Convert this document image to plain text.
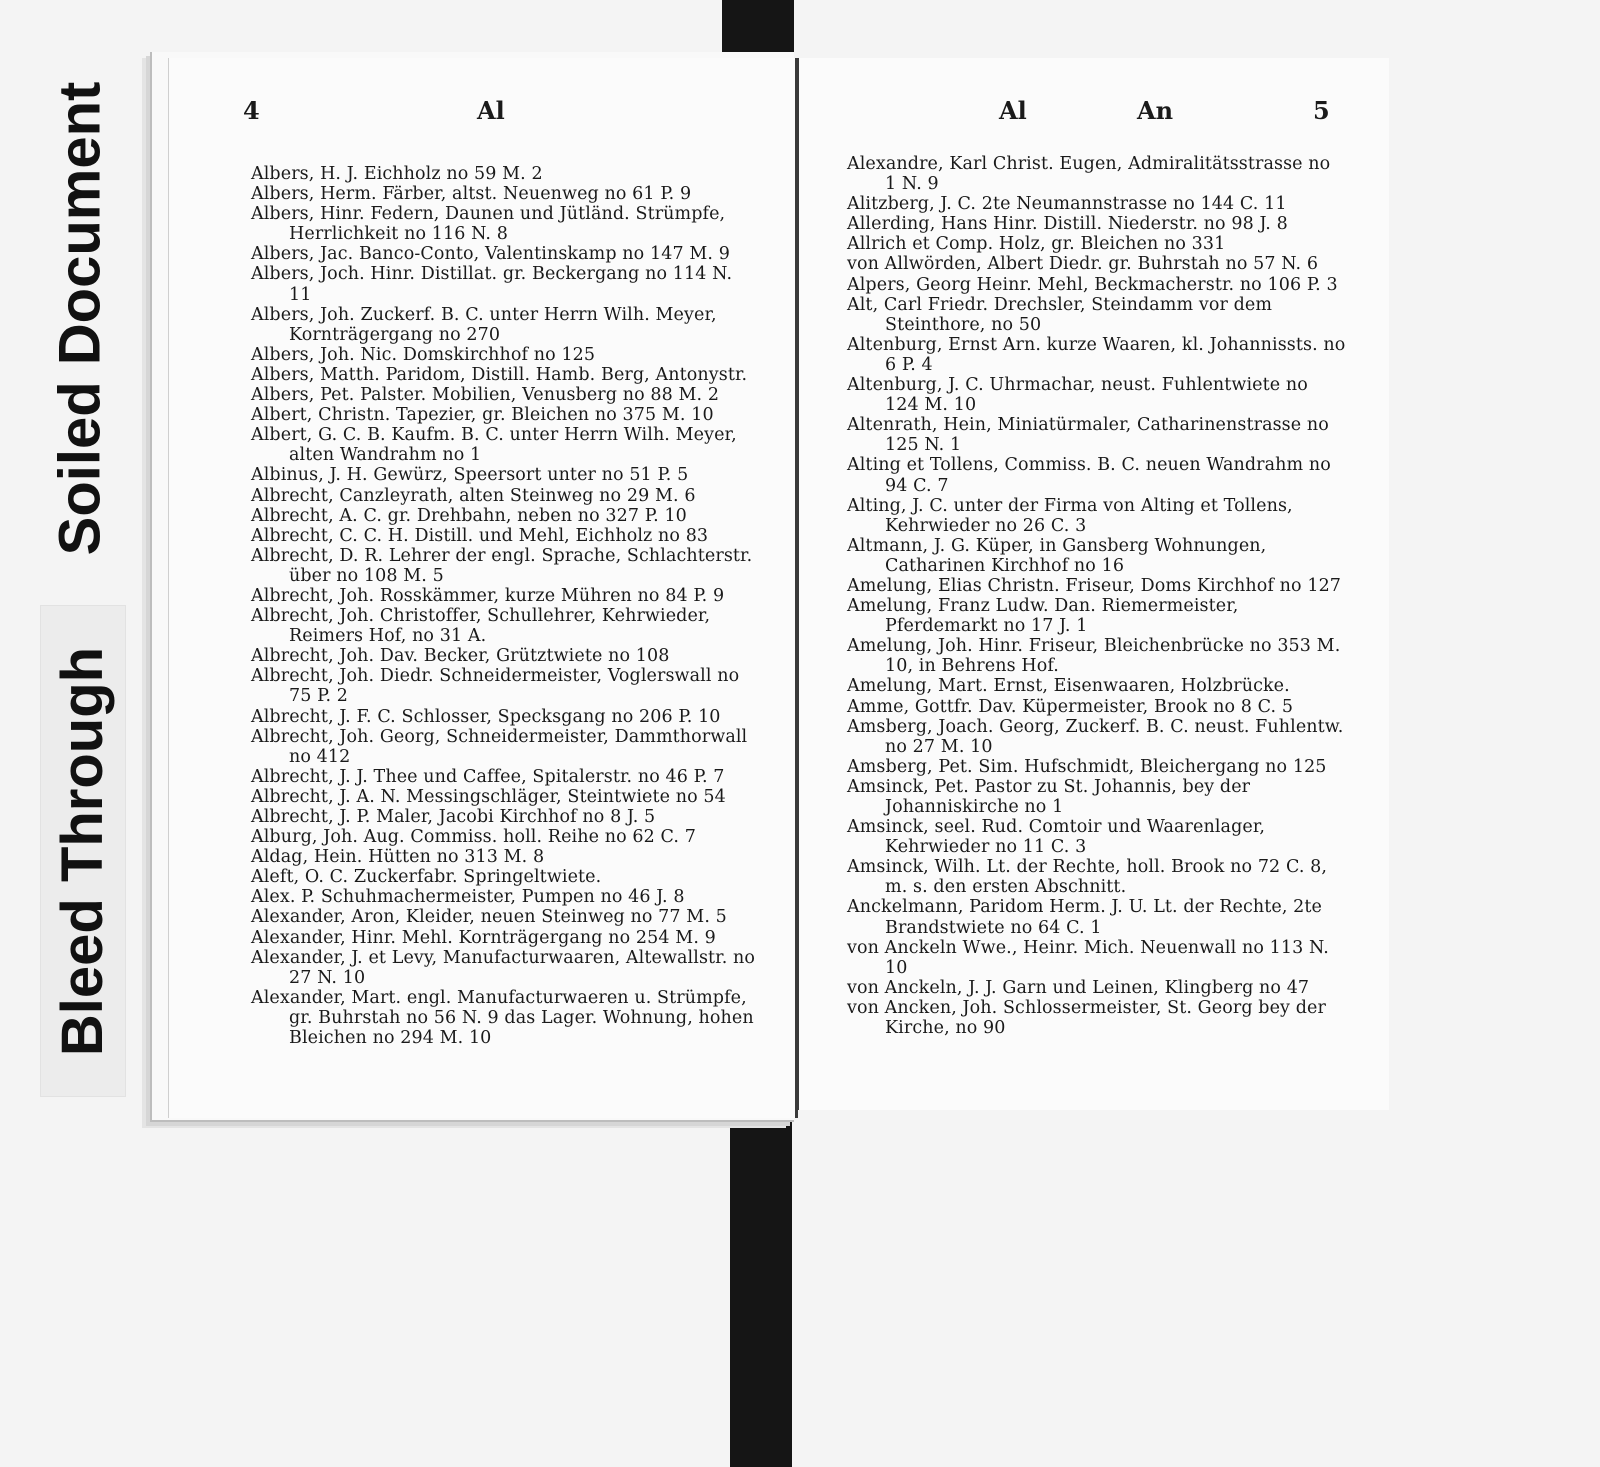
Soiled Document
Bleed Through
4	Al

Albers, H. J. Eichholz no 59 M. 2

Albers, Herm. Färber, altst. Neuenweg no 61 P. 9

Albers, Hinr. Federn, Daunen und Jütländ. Strümpfe, Herrlichkeit no 116 N. 8

Albers, Jac. Banco-Conto, Valentinskamp no 147 M. 9

Albers, Joch. Hinr. Distillat. gr. Beckergang no 114 N. 11

Albers, Joh. Zuckerf. B. C. unter Herrn Wilh. Meyer, Kornträgergang no 270

Albers, Joh. Nic. Domskirchhof no 125

Albers, Matth. Paridom, Distill. Hamb. Berg, Antonystr.

Albers, Pet. Palster. Mobilien, Venusberg no 88 M. 2

Albert, Christn. Tapezier, gr. Bleichen no 375 M. 10

Albert, G. C. B. Kaufm. B. C. unter Herrn Wilh. Meyer, alten Wandrahm no 1

Albinus, J. H. Gewürz, Speersort unter no 51 P. 5

Albrecht, Canzleyrath, alten Steinweg no 29 M. 6

Albrecht, A. C. gr. Drehbahn, neben no 327 P. 10

Albrecht, C. C. H. Distill. und Mehl, Eichholz no 83

Albrecht, D. R. Lehrer der engl. Sprache, Schlachterstr. über no 108 M. 5

Albrecht, Joh. Rosskämmer, kurze Mühren no 84 P. 9

Albrecht, Joh. Christoffer, Schullehrer, Kehrwieder, Reimers Hof, no 31 A.

Albrecht, Joh. Dav. Becker, Grütztwiete no 108

Albrecht, Joh. Diedr. Schneidermeister, Voglerswall no 75 P. 2

Albrecht, J. F. C. Schlosser, Specksgang no 206 P. 10

Albrecht, Joh. Georg, Schneidermeister, Dammthorwall no 412

Albrecht, J. J. Thee und Caffee, Spitalerstr. no 46 P. 7

Albrecht, J. A. N. Messingschläger, Steintwiete no 54

Albrecht, J. P. Maler, Jacobi Kirchhof no 8 J. 5

Alburg, Joh. Aug. Commiss. holl. Reihe no 62 C. 7

Aldag, Hein. Hütten no 313 M. 8

Aleft, O. C. Zuckerfabr. Springeltwiete.

Alex. P. Schuhmachermeister, Pumpen no 46 J. 8

Alexander, Aron, Kleider, neuen Steinweg no 77 M. 5

Alexander, Hinr. Mehl. Kornträgergang no 254 M. 9

Alexander, J. et Levy, Manufacturwaaren, Altewallstr. no 27 N. 10

Alexander, Mart. engl. Manufacturwaeren u. Strümpfe, gr. Buhrstah no 56 N. 9 das Lager. Wohnung, hohen Bleichen no 294 M. 10

Al	An	5

Alexandre, Karl Christ. Eugen, Admiralitätsstrasse no 1 N. 9

Alitzberg, J. C. 2te Neumannstrasse no 144 C. 11

Allerding, Hans Hinr. Distill. Niederstr. no 98 J. 8

Allrich et Comp. Holz, gr. Bleichen no 331

von Allwörden, Albert Diedr. gr. Buhrstah no 57 N. 6

Alpers, Georg Heinr. Mehl, Beckmacherstr. no 106 P. 3

Alt, Carl Friedr. Drechsler, Steindamm vor dem Steinthore, no 50

Altenburg, Ernst Arn. kurze Waaren, kl. Johannissts. no 6 P. 4

Altenburg, J. C. Uhrmachar, neust. Fuhlentwiete no 124 M. 10

Altenrath, Hein, Miniatürmaler, Catharinenstrasse no 125 N. 1

Alting et Tollens, Commiss. B. C. neuen Wandrahm no 94 C. 7

Alting, J. C. unter der Firma von Alting et Tollens, Kehrwieder no 26 C. 3

Altmann, J. G. Küper, in Gansberg Wohnungen, Catharinen Kirchhof no 16

Amelung, Elias Christn. Friseur, Doms Kirchhof no 127

Amelung, Franz Ludw. Dan. Riemermeister, Pferdemarkt no 17 J. 1

Amelung, Joh. Hinr. Friseur, Bleichenbrücke no 353 M. 10, in Behrens Hof.

Amelung, Mart. Ernst, Eisenwaaren, Holzbrücke.

Amme, Gottfr. Dav. Küpermeister, Brook no 8 C. 5

Amsberg, Joach. Georg, Zuckerf. B. C. neust. Fuhlentw. no 27 M. 10

Amsberg, Pet. Sim. Hufschmidt, Bleichergang no 125

Amsinck, Pet. Pastor zu St. Johannis, bey der Johanniskirche no 1

Amsinck, seel. Rud. Comtoir und Waarenlager, Kehrwieder no 11 C. 3

Amsinck, Wilh. Lt. der Rechte, holl. Brook no 72 C. 8, m. s. den ersten Abschnitt.

Anckelmann, Paridom Herm. J. U. Lt. der Rechte, 2te Brandstwiete no 64 C. 1

von Anckeln Wwe., Heinr. Mich. Neuenwall no 113 N. 10

von Anckeln, J. J. Garn und Leinen, Klingberg no 47

von Ancken, Joh. Schlossermeister, St. Georg bey der Kirche, no 90
